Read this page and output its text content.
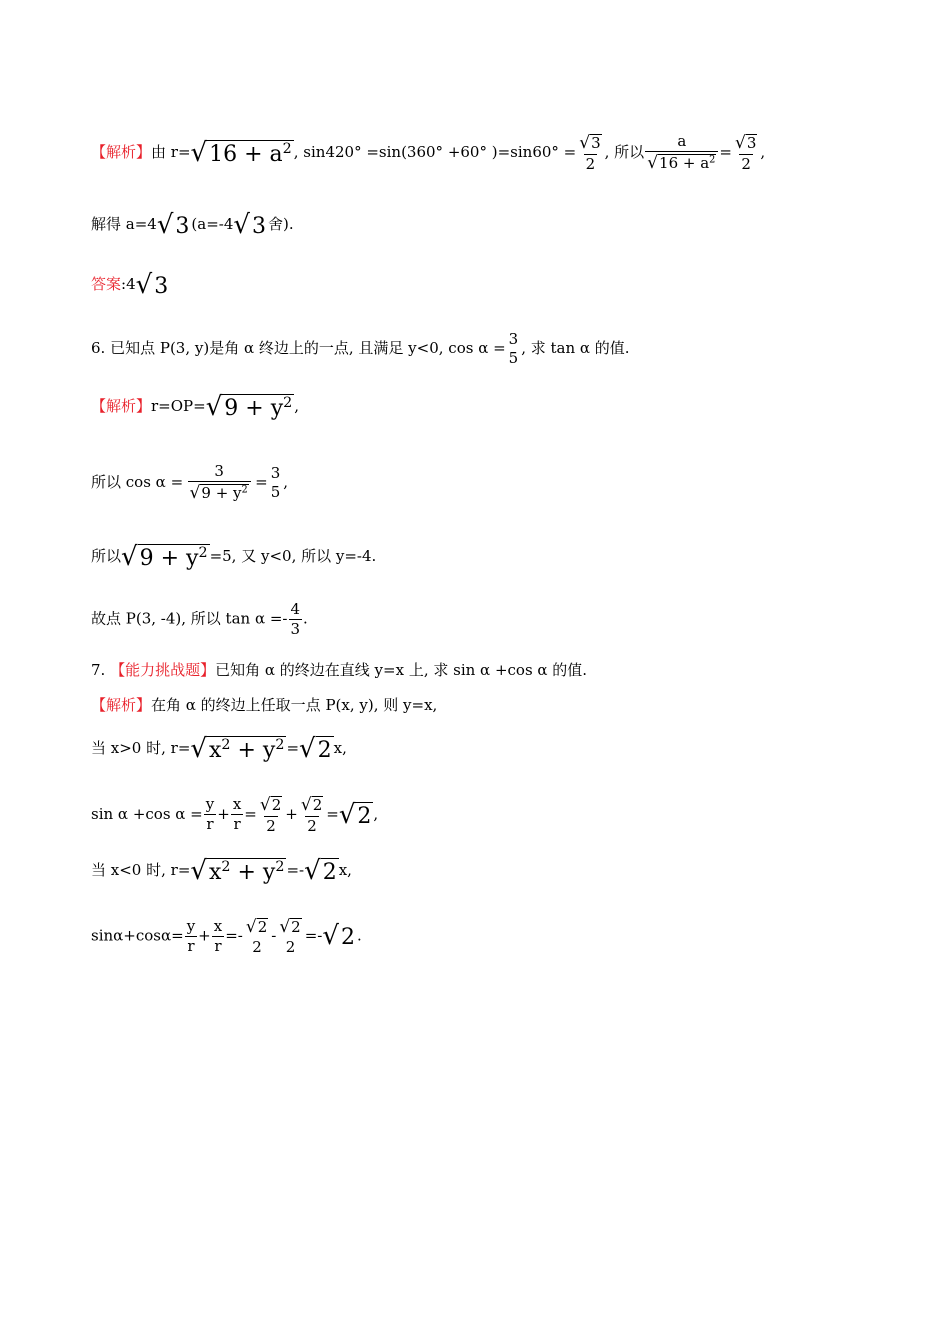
【解析】由 r= √ $16 + a^2$ , sin420° =sin(360° +60° )$=\sin 60^\circ = \frac{√ 3}{2}$ , 所以 $\frac{a}{√ 16 + a^2} = \frac{√ 3}{2}$ ,
解得 a=4 √ 3 (a=-4 √ 3 舍).
答案:4 √ 3
6. 已知点 P(3, y)是角 α 终边上的一点, 且满足 y<0, cos α = 3
5
, 求 tan α 的值.
【解析】r=OP= √ $9 + y^2$ ,
所以 $\cos \alpha = \frac{3}{√ 9 + y^2} = 3$
5
,
所以 √ $9 + y^2 =5$, 又 y<0, 所以 y=-4.
故点 P(3, -4), 所以 $\tan \alpha =- \frac{4}{3}$ .
7. 【能力挑战题】已知角 α 的终边在直线 y=x 上, 求 sin α +cos α 的值.
【解析】在角 α 的终边上任取一点 P(x, y), 则 y=x,
当 x>0 时, r= √ $x^2 + y^2$ = √ 2 x,
sin α +cos $\alpha = \frac{y}{r} + \frac{x}{r} = \frac{√ 2}{2} + \frac{√ 2}{2}$ = √ 2 ,
当 x<0 时, r= √ $x^2 + y^2$ =- √ 2 x,
$\sin\alpha+\cos\alpha= \frac{y}{r} + \frac{x}{r}$ =- √ 2
2
- √ 2
2
=- √ 2 .
